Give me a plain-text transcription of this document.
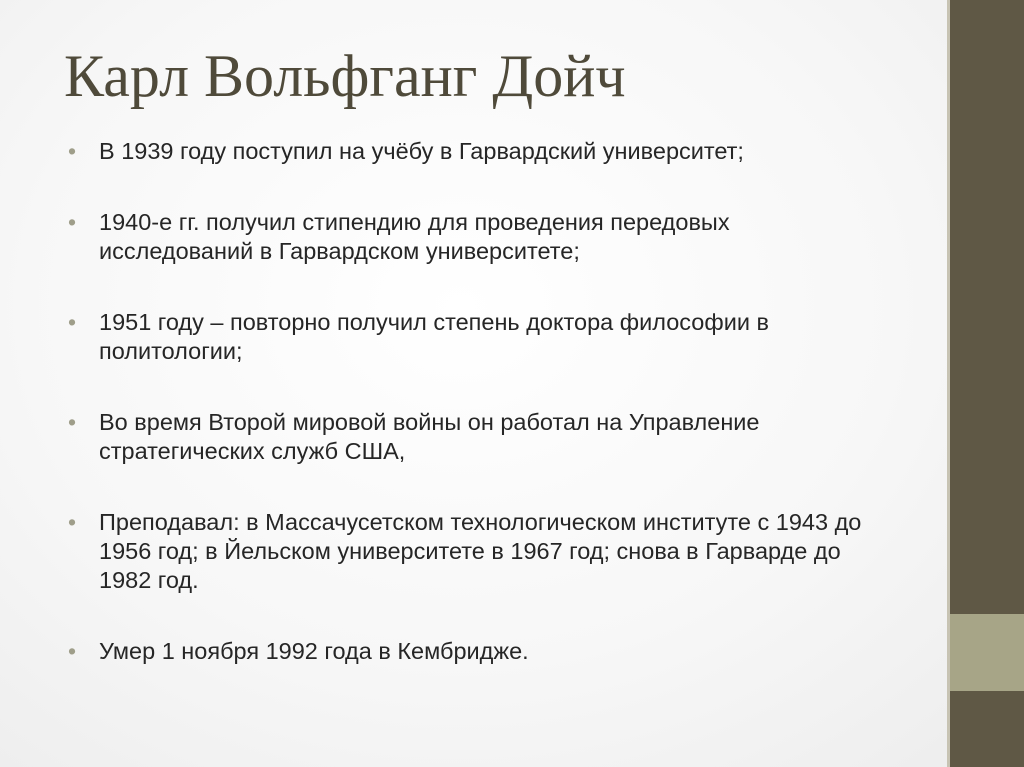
Карл Вольфганг Дойч
• В 1939 году поступил на учёбу в Гарвардский университет;
• 1940-е гг. получил стипендию для проведения передовых исследований в Гарвардском университете;
• 1951 году – повторно получил степень доктора философии в политологии;
• Во время Второй мировой войны он работал на Управление стратегических служб США,
• Преподавал: в Массачусетском технологическом институте с 1943 до 1956 год; в Йельском университете в 1967 год; снова в Гарварде до 1982 год.
• Умер 1 ноября 1992 года в Кембридже.
